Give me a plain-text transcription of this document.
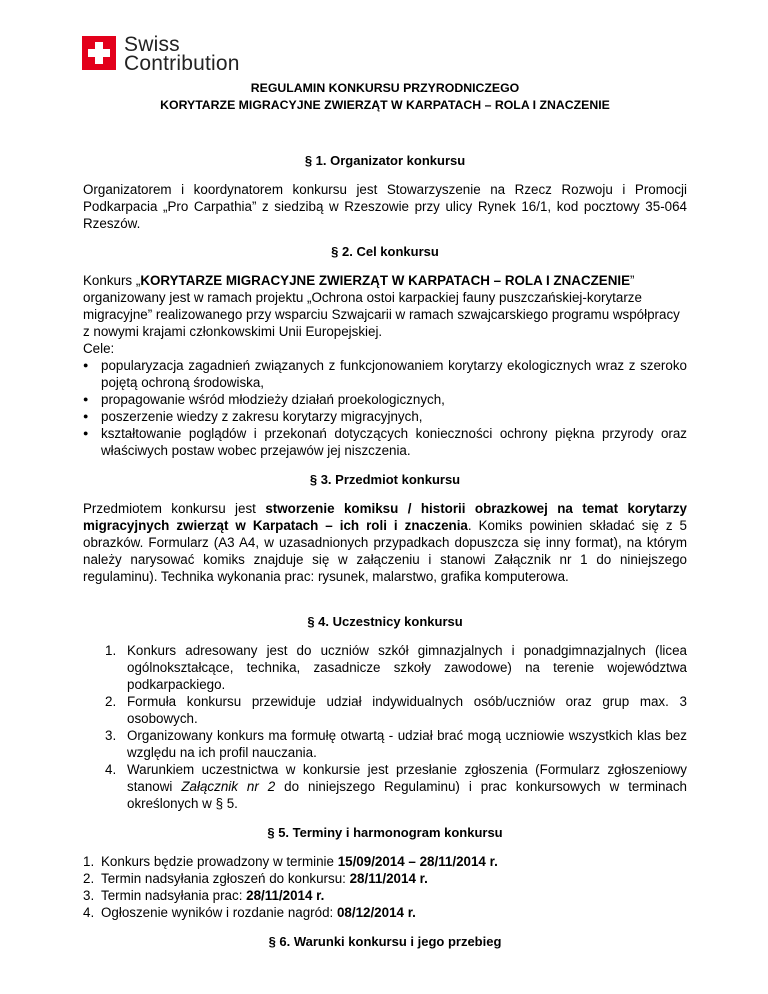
Swiss
Contribution
REGULAMIN KONKURSU PRZYRODNICZEGO
KORYTARZE MIGRACYJNE ZWIERZĄT W KARPATACH – ROLA I ZNACZENIE
§ 1. Organizator konkursu

Organizatorem i koordynatorem konkursu jest Stowarzyszenie na Rzecz Rozwoju i Promocji Podkarpacia „Pro Carpathia” z siedzibą w Rzeszowie przy ulicy Rynek 16/1, kod pocztowy 35-064 Rzeszów.

§ 2. Cel konkursu

Konkurs „KORYTARZE MIGRACYJNE ZWIERZĄT W KARPATACH – ROLA I ZNACZENIE” organizowany jest w ramach projektu „Ochrona ostoi karpackiej fauny puszczańskiej-korytarze migracyjne” realizowanego przy wsparciu Szwajcarii w ramach szwajcarskiego programu współpracy z nowymi krajami członkowskimi Unii Europejskiej.

Cele:

● popularyzacja zagadnień związanych z funkcjonowaniem korytarzy ekologicznych wraz z szeroko pojętą ochroną środowiska,
● propagowanie wśród młodzieży działań proekologicznych,
● poszerzenie wiedzy z zakresu korytarzy migracyjnych,
● kształtowanie poglądów i przekonań dotyczących konieczności ochrony piękna przyrody oraz właściwych postaw wobec przejawów jej niszczenia.
§ 3. Przedmiot konkursu

Przedmiotem konkursu jest stworzenie komiksu / historii obrazkowej na temat korytarzy migracyjnych zwierząt w Karpatach – ich roli i znaczenia. Komiks powinien składać się z 5 obrazków. Formularz (A3 A4, w uzasadnionych przypadkach dopuszcza się inny format), na którym należy narysować komiks znajduje się w załączeniu i stanowi Załącznik nr 1 do niniejszego regulaminu). Technika wykonania prac: rysunek, malarstwo, grafika komputerowa.

§ 4. Uczestnicy konkursu
1. Konkurs adresowany jest do uczniów szkół gimnazjalnych i ponadgimnazjalnych (licea ogólnokształcące, technika, zasadnicze szkoły zawodowe) na terenie województwa podkarpackiego.
2. Formuła konkursu przewiduje udział indywidualnych osób/uczniów oraz grup max. 3 osobowych.
3. Organizowany konkurs ma formułę otwartą - udział brać mogą uczniowie wszystkich klas bez względu na ich profil nauczania.
4. Warunkiem uczestnictwa w konkursie jest przesłanie zgłoszenia (Formularz zgłoszeniowy stanowi Załącznik nr 2 do niniejszego Regulaminu) i prac konkursowych w terminach określonych w § 5.
§ 5. Terminy i harmonogram konkursu
1. Konkurs będzie prowadzony w terminie 15/09/2014 – 28/11/2014 r.
2. Termin nadsyłania zgłoszeń do konkursu: 28/11/2014 r.
3. Termin nadsyłania prac: 28/11/2014 r.
4. Ogłoszenie wyników i rozdanie nagród: 08/12/2014 r.
§ 6. Warunki konkursu i jego przebieg
